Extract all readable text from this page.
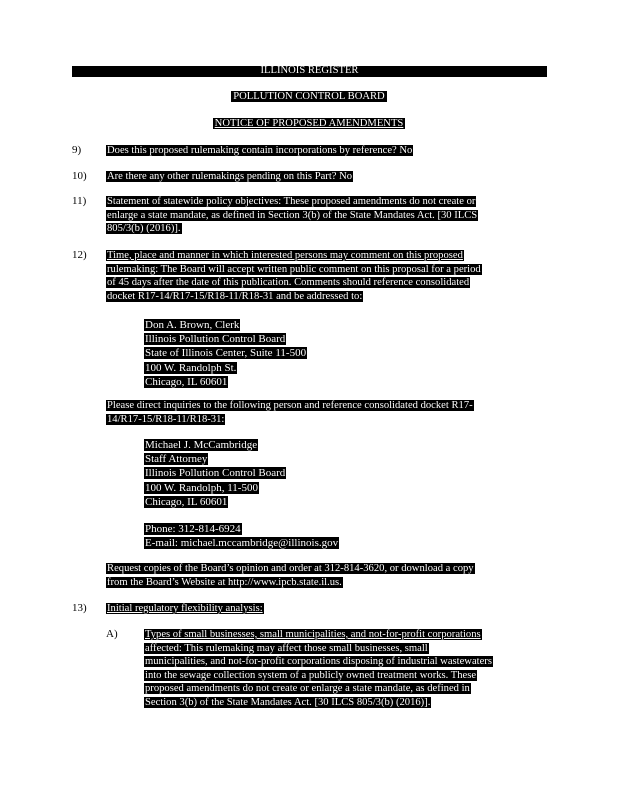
ILLINOIS REGISTER
POLLUTION CONTROL BOARD
NOTICE OF PROPOSED AMENDMENTS
9) Does this proposed rulemaking contain incorporations by reference? No
10) Are there any other rulemakings pending on this Part? No
11) Statement of statewide policy objectives: These proposed amendments do not create or
enlarge a state mandate, as defined in Section 3(b) of the State Mandates Act. [30 ILCS
805/3(b) (2016)].
12) Time, place and manner in which interested persons may comment on this proposed
rulemaking: The Board will accept written public comment on this proposal for a period
of 45 days after the date of this publication. Comments should reference consolidated
docket R17-14/R17-15/R18-11/R18-31 and be addressed to:
Don A. Brown, Clerk
Illinois Pollution Control Board
State of Illinois Center, Suite 11-500
100 W. Randolph St.
Chicago, IL 60601
Please direct inquiries to the following person and reference consolidated docket R17-
14/R17-15/R18-11/R18-31:
Michael J. McCambridge
Staff Attorney
Illinois Pollution Control Board
100 W. Randolph, 11-500
Chicago, IL 60601
Phone: 312-814-6924
E-mail: michael.mccambridge@illinois.gov
Request copies of the Board’s opinion and order at 312-814-3620, or download a copy
from the Board’s Website at http://www.ipcb.state.il.us.
13) Initial regulatory flexibility analysis:
A)	Types of small businesses, small municipalities, and not-for-profit corporations
affected: This rulemaking may affect those small businesses, small
municipalities, and not-for-profit corporations disposing of industrial wastewaters
into the sewage collection system of a publicly owned treatment works. These
proposed amendments do not create or enlarge a state mandate, as defined in
Section 3(b) of the State Mandates Act. [30 ILCS 805/3(b) (2016)].
